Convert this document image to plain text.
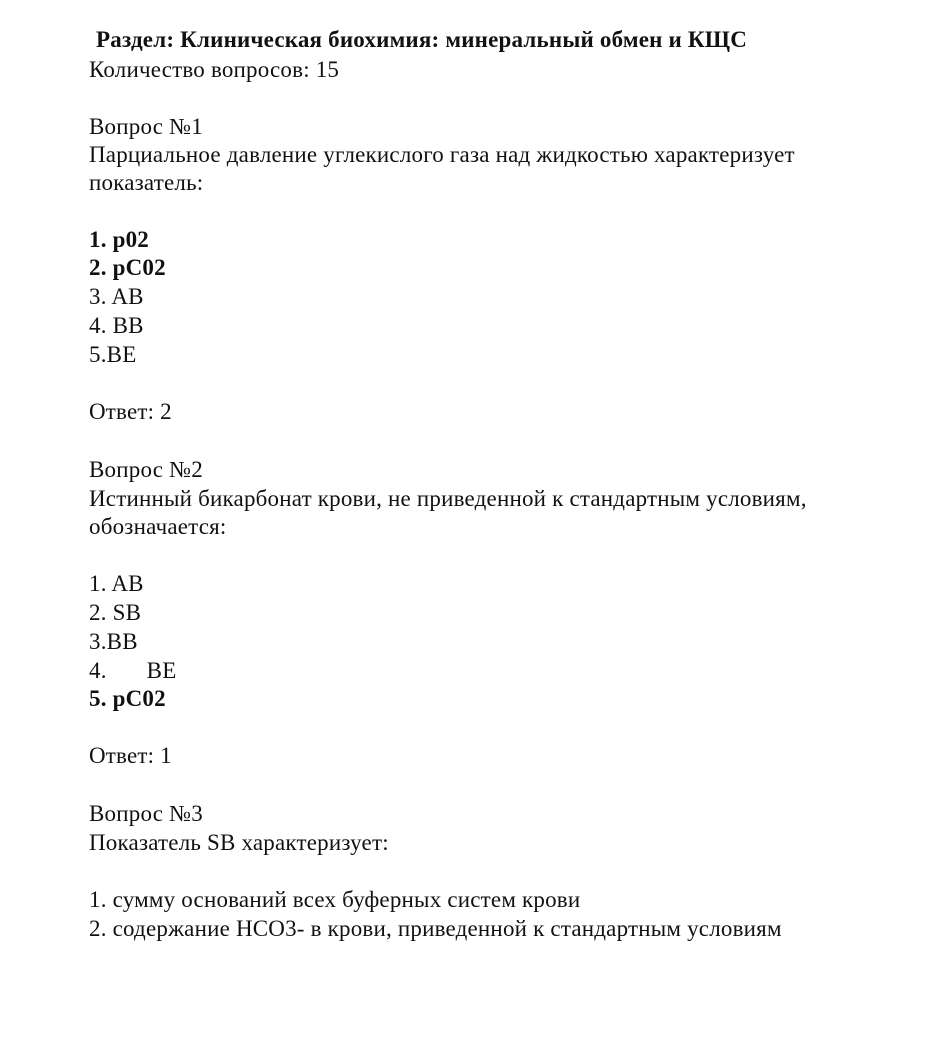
Раздел: Клиническая биохимия: минеральный обмен и КЩС
Количество вопросов: 15
Вопрос №1
Парциальное давление углекислого газа над жидкостью характеризует
показатель:
1. p02
2. pC02
3. AB
4. BB
5.BE
Ответ: 2
Вопрос №2
Истинный бикарбонат крови, не приведенной к стандартным условиям,
обозначается:
1. AB
2. SB
3.BB
4. BE
5. pC02
Ответ: 1
Вопрос №3
Показатель SB характеризует:
1. сумму оснований всех буферных систем крови
2. содержание HCO3- в крови, приведенной к стандартным условиям
